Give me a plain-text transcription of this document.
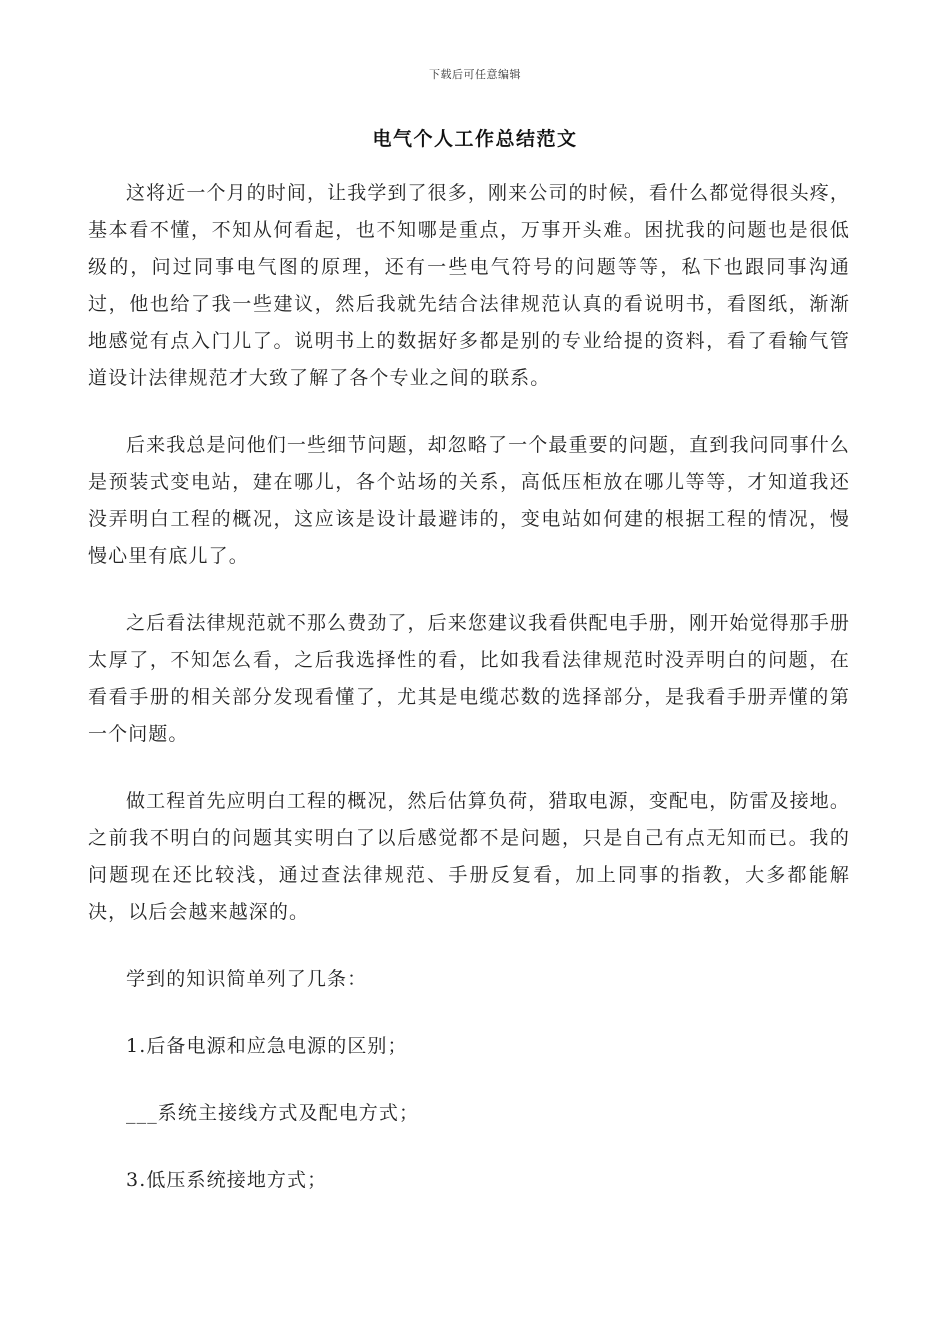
下载后可任意编辑
电气个人工作总结范文

这将近一个月的时间，让我学到了很多，刚来公司的时候，看什么都觉得很头疼，基本看不懂，不知从何看起，也不知哪是重点，万事开头难。困扰我的问题也是很低级的，问过同事电气图的原理，还有一些电气符号的问题等等，私下也跟同事沟通过，他也给了我一些建议，然后我就先结合法律规范认真的看说明书，看图纸，渐渐地感觉有点入门儿了。说明书上的数据好多都是别的专业给提的资料，看了看输气管道设计法律规范才大致了解了各个专业之间的联系。

后来我总是问他们一些细节问题，却忽略了一个最重要的问题，直到我问同事什么是预装式变电站，建在哪儿，各个站场的关系，高低压柜放在哪儿等等，才知道我还没弄明白工程的概况，这应该是设计最避讳的，变电站如何建的根据工程的情况，慢慢心里有底儿了。

之后看法律规范就不那么费劲了，后来您建议我看供配电手册，刚开始觉得那手册太厚了，不知怎么看，之后我选择性的看，比如我看法律规范时没弄明白的问题，在看看手册的相关部分发现看懂了，尤其是电缆芯数的选择部分，是我看手册弄懂的第一个问题。

做工程首先应明白工程的概况，然后估算负荷，猎取电源，变配电，防雷及接地。之前我不明白的问题其实明白了以后感觉都不是问题，只是自己有点无知而已。我的问题现在还比较浅，通过查法律规范、手册反复看，加上同事的指教，大多都能解决，以后会越来越深的。

学到的知识简单列了几条：

1.后备电源和应急电源的区别；

___系统主接线方式及配电方式；

3.低压系统接地方式；
